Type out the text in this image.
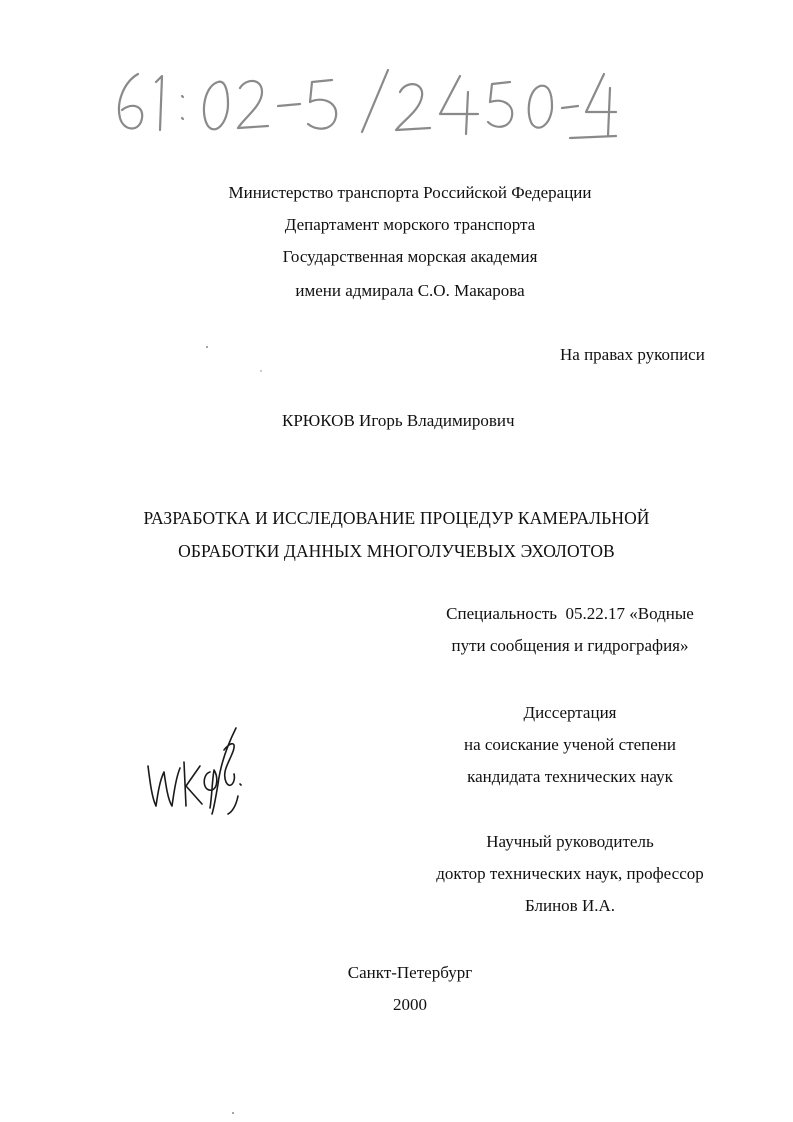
Министерство транспорта Российской Федерации
Департамент морского транспорта
Государственная морская академия
имени адмирала С.О. Макарова
На правах рукописи
КРЮКОВ Игорь Владимирович
РАЗРАБОТКА И ИССЛЕДОВАНИЕ ПРОЦЕДУР КАМЕРАЛЬНОЙ
ОБРАБОТКИ ДАННЫХ МНОГОЛУЧЕВЫХ ЭХОЛОТОВ
Специальность  05.22.17 «Водные
пути сообщения и гидрография»
Диссертация
на соискание ученой степени
кандидата технических наук
Научный руководитель
доктор технических наук, профессор
Блинов И.А.
Санкт-Петербург
2000
